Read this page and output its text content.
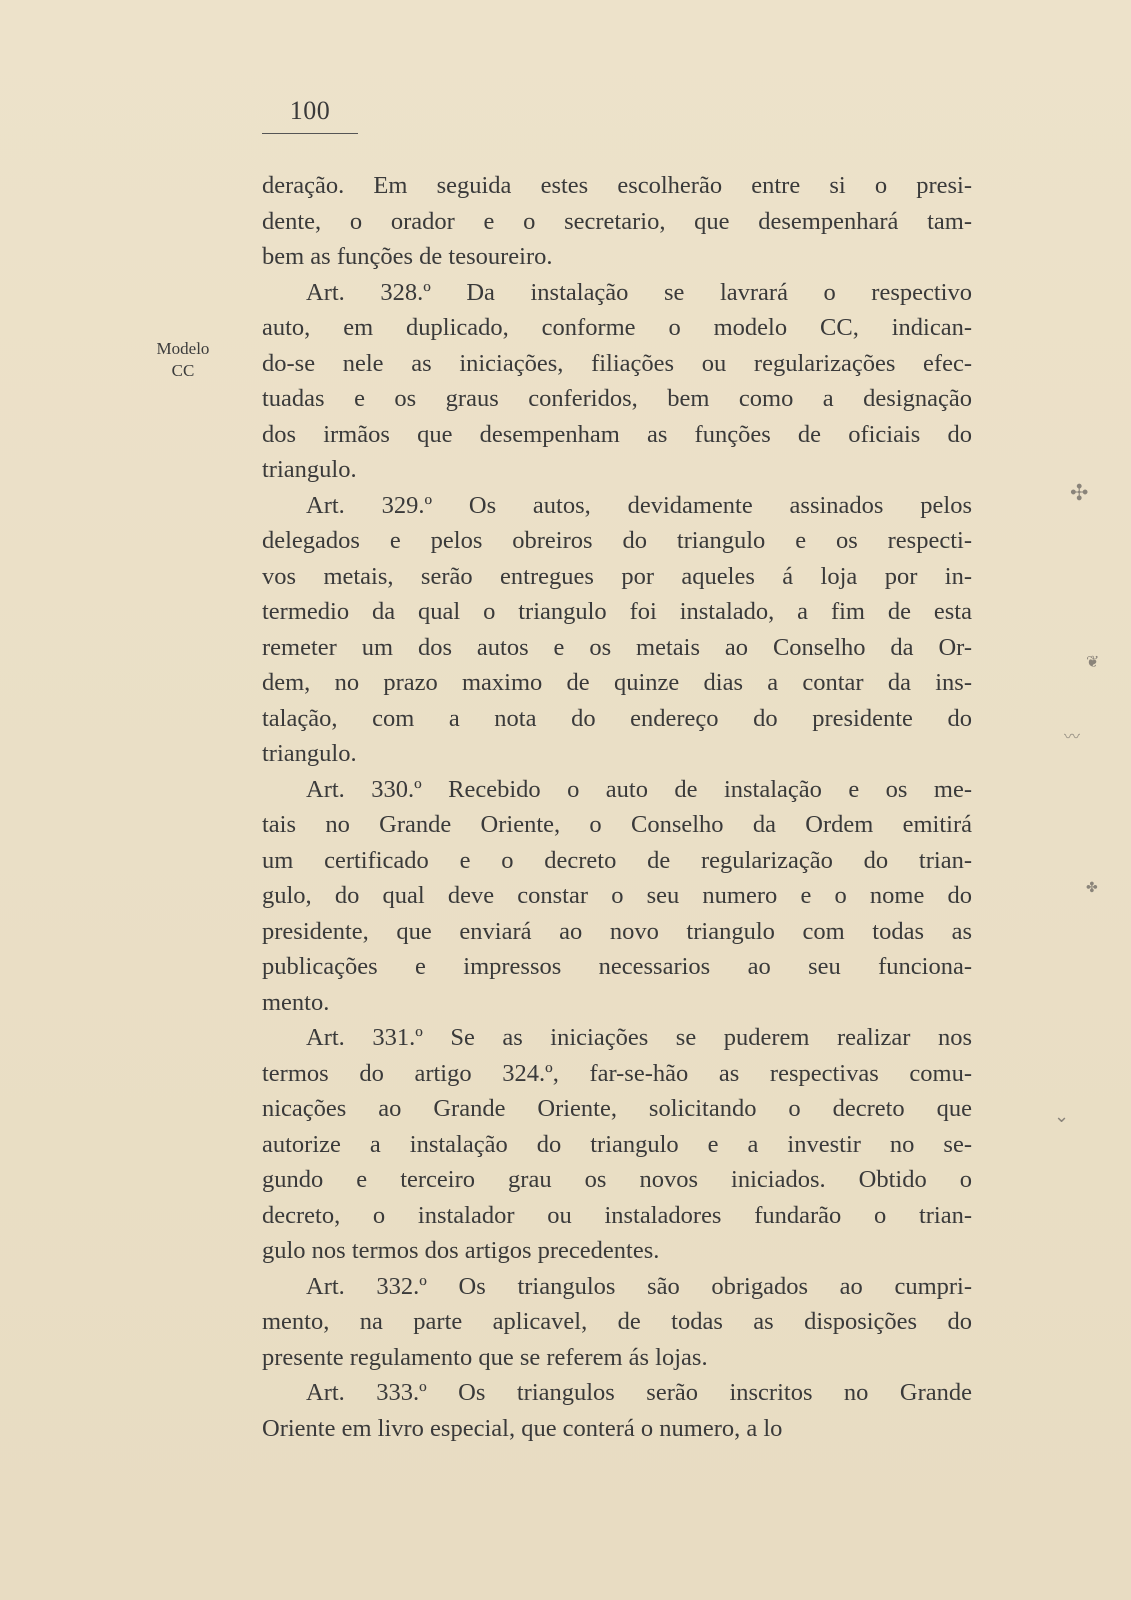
100
Modelo
CC
deração. Em seguida estes escolherão entre si o presi-
dente, o orador e o secretario, que desempenhará tam-
bem as funções de tesoureiro.
Art. 328.º Da instalação se lavrará o respectivo
auto, em duplicado, conforme o modelo CC, indican-
do-se nele as iniciações, filiações ou regularizações efec-
tuadas e os graus conferidos, bem como a designação
dos irmãos que desempenham as funções de oficiais do
triangulo.
Art. 329.º Os autos, devidamente assinados pelos
delegados e pelos obreiros do triangulo e os respecti-
vos metais, serão entregues por aqueles á loja por in-
termedio da qual o triangulo foi instalado, a fim de esta
remeter um dos autos e os metais ao Conselho da Or-
dem, no prazo maximo de quinze dias a contar da ins-
talação, com a nota do endereço do presidente do
triangulo.
Art. 330.º Recebido o auto de instalação e os me-
tais no Grande Oriente, o Conselho da Ordem emitirá
um certificado e o decreto de regularização do trian-
gulo, do qual deve constar o seu numero e o nome do
presidente, que enviará ao novo triangulo com todas as
publicações e impressos necessarios ao seu funciona-
mento.
Art. 331.º Se as iniciações se puderem realizar nos
termos do artigo 324.º, far-se-hão as respectivas comu-
nicações ao Grande Oriente, solicitando o decreto que
autorize a instalação do triangulo e a investir no se-
gundo e terceiro grau os novos iniciados. Obtido o
decreto, o instalador ou instaladores fundarão o trian-
gulo nos termos dos artigos precedentes.
Art. 332.º Os triangulos são obrigados ao cumpri-
mento, na parte aplicavel, de todas as disposições do
presente regulamento que se referem ás lojas.
Art. 333.º Os triangulos serão inscritos no Grande
Oriente em livro especial, que conterá o numero, a lo
✣
❦
〰
✤
⌄
